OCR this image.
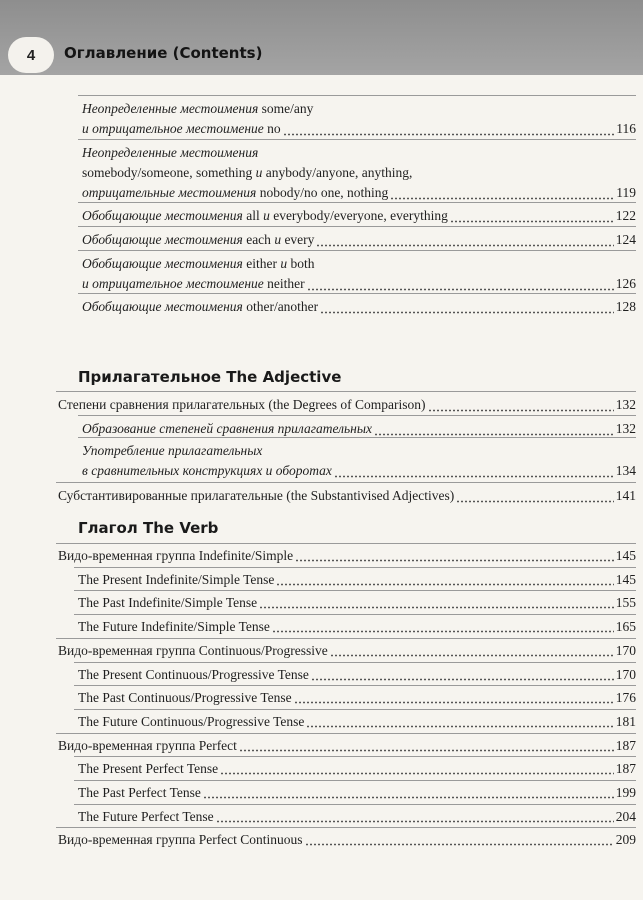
4	Оглавление (Contents)
Неопределенные местоимения some/any
и отрицательное местоимение no	116
Неопределенные местоимения
somebody/someone, something и anybody/anyone, anything,
отрицательные местоимения nobody/no one, nothing	119
Обобщающие местоимения all и everybody/everyone, everything	122
Обобщающие местоимения each и every	124
Обобщающие местоимения either и both
и отрицательное местоимение neither	126
Обобщающие местоимения other/another	128
Прилагательное The Adjective
Степени сравнения прилагательных (the Degrees of Comparison)	132
Образование степеней сравнения прилагательных	132
Употребление прилагательных
в сравнительных конструкциях и оборотах	134
Субстантивированные прилагательные (the Substantivised Adjectives)	141
Глагол The Verb
Видо-временная группа Indefinite/Simple	145
The Present Indefinite/Simple Tense	145
The Past Indefinite/Simple Tense	155
The Future Indefinite/Simple Tense	165
Видо-временная группа Continuous/Progressive	170
The Present Continuous/Progressive Tense	170
The Past Continuous/Progressive Tense	176
The Future Continuous/Progressive Tense	181
Видо-временная группа Perfect	187
The Present Perfect Tense	187
The Past Perfect Tense	199
The Future Perfect Tense	204
Видо-временная группа Perfect Continuous	209
